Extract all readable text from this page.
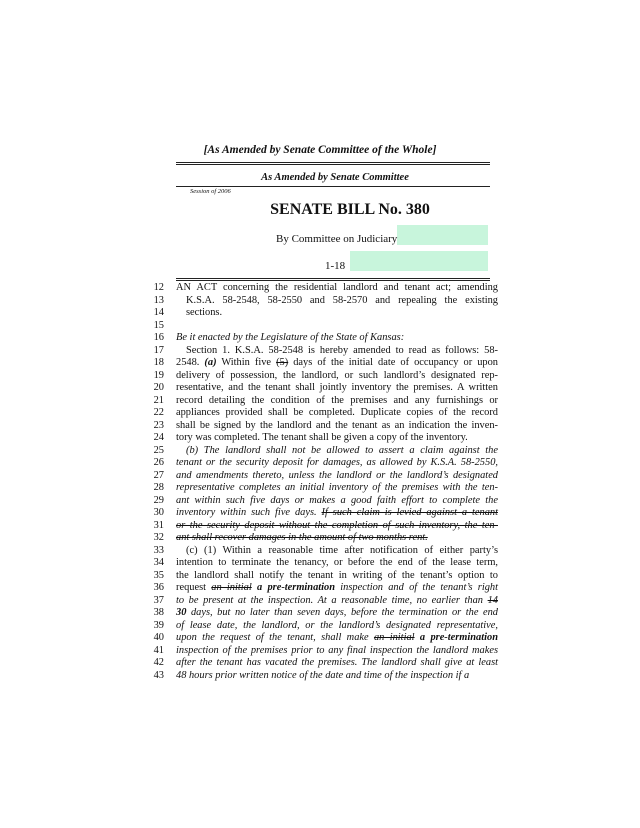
[As Amended by Senate Committee of the Whole]
As Amended by Senate Committee
Session of 2006
SENATE BILL No. 380
By Committee on Judiciary
1-18
12 AN ACT concerning the residential landlord and tenant act; amending
13	K.S.A. 58-2548, 58-2550 and 58-2570 and repealing the existing
14	sections.
15
16 Be it enacted by the Legislature of the State of Kansas:
17	Section 1. K.S.A. 58-2548 is hereby amended to read as follows: 58-
18 2548. (a) Within five (5) days of the initial date of occupancy or upon
19 delivery of possession, the landlord, or such landlord’s designated rep-
20 resentative, and the tenant shall jointly inventory the premises. A written
21 record detailing the condition of the premises and any furnishings or
22 appliances provided shall be completed. Duplicate copies of the record
23 shall be signed by the landlord and the tenant as an indication the inven-
24 tory was completed. The tenant shall be given a copy of the inventory.
25	(b) The landlord shall not be allowed to assert a claim against the
26 tenant or the security deposit for damages, as allowed by K.S.A. 58-2550,
27 and amendments thereto, unless the landlord or the landlord’s designated
28 representative completes an initial inventory of the premises with the ten-
29 ant within such five days or makes a good faith effort to complete the
30 inventory within such five days. If such claim is levied against a tenant
31 or the security deposit without the completion of such inventory, the ten-
32 ant shall recover damages in the amount of two months rent.
33	(c) (1) Within a reasonable time after notification of either party’s
34 intention to terminate the tenancy, or before the end of the lease term,
35 the landlord shall notify the tenant in writing of the tenant’s option to
36 request an initial a pre-termination inspection and of the tenant’s right
37 to be present at the inspection. At a reasonable time, no earlier than 14
38 30 days, but no later than seven days, before the termination or the end
39 of lease date, the landlord, or the landlord’s designated representative,
40 upon the request of the tenant, shall make an initial a pre-termination
41 inspection of the premises prior to any final inspection the landlord makes
42 after the tenant has vacated the premises. The landlord shall give at least
43 48 hours prior written notice of the date and time of the inspection if a
